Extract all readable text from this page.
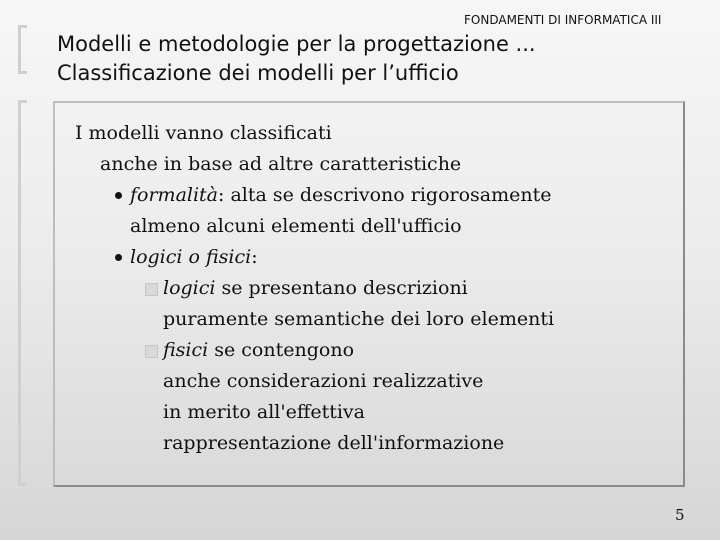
FONDAMENTI DI INFORMATICA III
Modelli e metodologie per la progettazione ...
Classificazione dei modelli per l’ufficio
I modelli vanno classificati
anche in base ad altre caratteristiche
formalità: alta se descrivono rigorosamente
almeno alcuni elementi dell'ufficio
logici o fisici:
logici se presentano descrizioni
puramente semantiche dei loro elementi
fisici se contengono
anche considerazioni realizzative
in merito all'effettiva
rappresentazione dell'informazione
5
